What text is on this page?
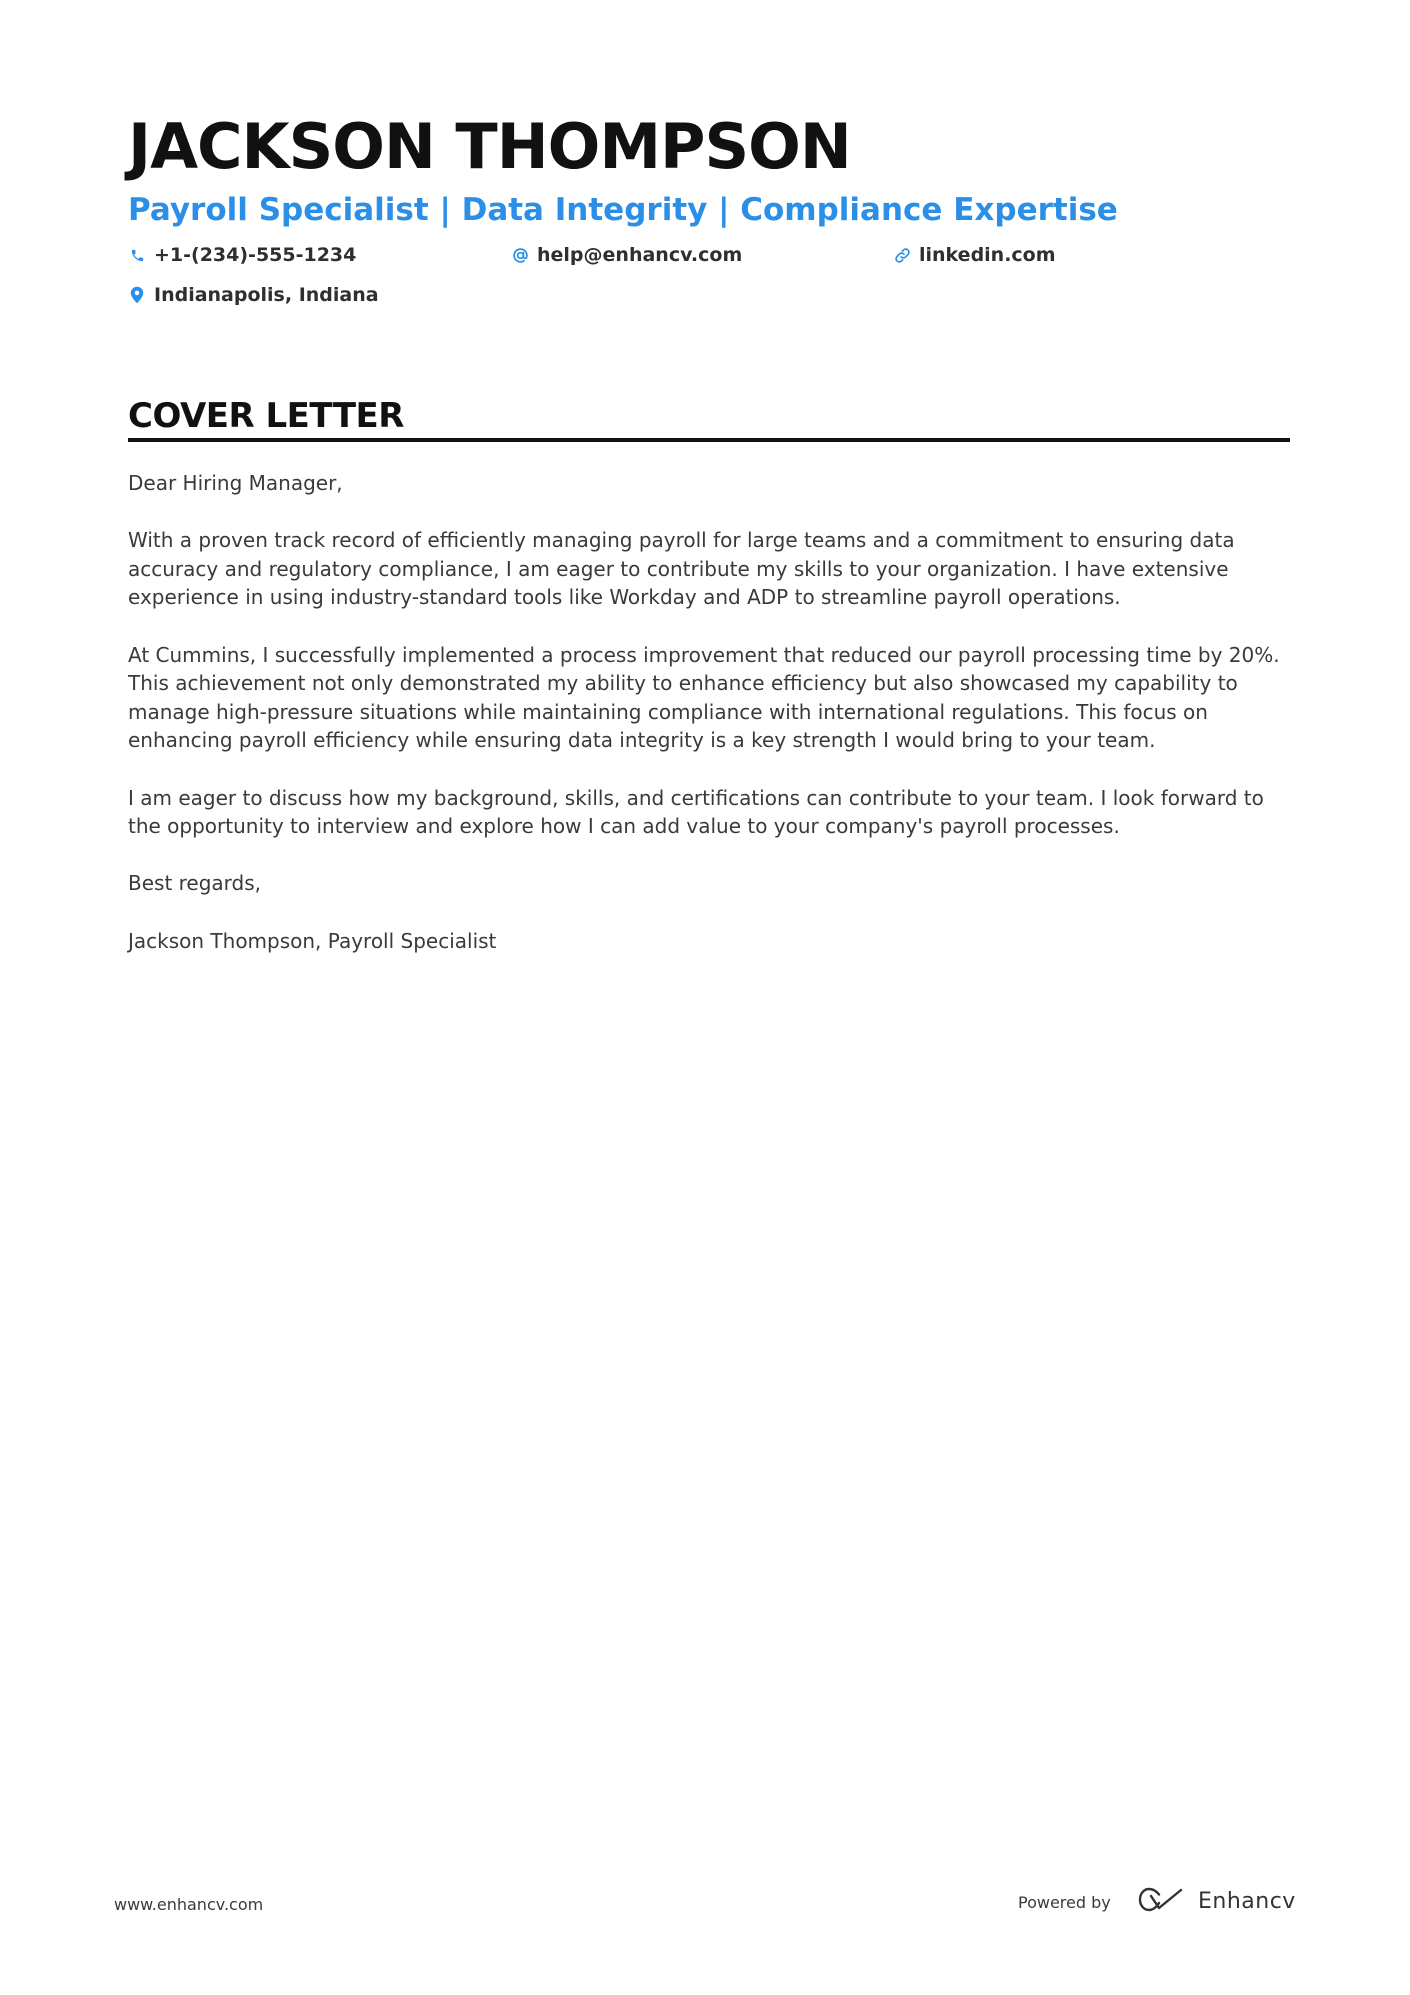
JACKSON THOMPSON
Payroll Specialist | Data Integrity | Compliance Expertise
+1-(234)-555-1234	help@enhancv.com	linkedin.com
Indianapolis, Indiana
COVER LETTER

Dear Hiring Manager,

With a proven track record of efficiently managing payroll for large teams and a commitment to ensuring data accuracy and regulatory compliance, I am eager to contribute my skills to your organization. I have extensive experience in using industry-standard tools like Workday and ADP to streamline payroll operations.

At Cummins, I successfully implemented a process improvement that reduced our payroll processing time by 20%. This achievement not only demonstrated my ability to enhance efficiency but also showcased my capability to manage high-pressure situations while maintaining compliance with international regulations. This focus on enhancing payroll efficiency while ensuring data integrity is a key strength I would bring to your team.

I am eager to discuss how my background, skills, and certifications can contribute to your team. I look forward to the opportunity to interview and explore how I can add value to your company's payroll processes.

Best regards,

Jackson Thompson, Payroll Specialist

www.enhancv.com	Powered by	Enhancv
